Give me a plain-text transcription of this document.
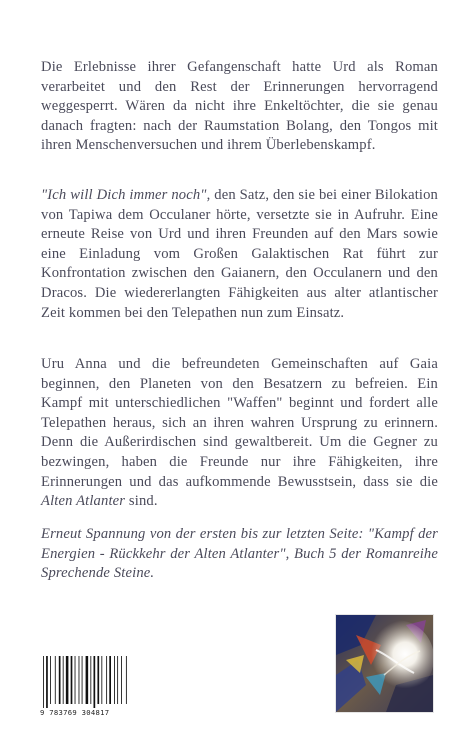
Die Erlebnisse ihrer Gefangenschaft hatte Urd als Roman verarbeitet und den Rest der Erinnerungen hervorragend weggesperrt. Wären da nicht ihre Enkeltöchter, die sie genau danach fragten: nach der Raumstation Bolang, den Tongos mit ihren Menschenversuchen und ihrem Überlebenskampf.

"Ich will Dich immer noch", den Satz, den sie bei einer Bilokation von Tapiwa dem Occulaner hörte, versetzte sie in Aufruhr. Eine erneute Reise von Urd und ihren Freunden auf den Mars sowie eine Einladung vom Großen Galaktischen Rat führt zur Konfrontation zwischen den Gaianern, den Occulanern und den Dracos. Die wiedererlangten Fähigkeiten aus alter atlantischer Zeit kommen bei den Telepathen nun zum Einsatz.

Uru Anna und die befreundeten Gemeinschaften auf Gaia beginnen, den Planeten von den Besatzern zu befreien. Ein Kampf mit unterschiedlichen "Waffen" beginnt und fordert alle Telepathen heraus, sich an ihren wahren Ursprung zu erinnern. Denn die Außerirdischen sind gewaltbereit. Um die Gegner zu bezwingen, haben die Freunde nur ihre Fähigkeiten, ihre Erinnerungen und das aufkommende Bewusstsein, dass sie die Alten Atlanter sind.

Erneut Spannung von der ersten bis zur letzten Seite: "Kampf der Energien - Rückkehr der Alten Atlanter", Buch 5 der Romanreihe Sprechende Steine.

9 783769 304817
